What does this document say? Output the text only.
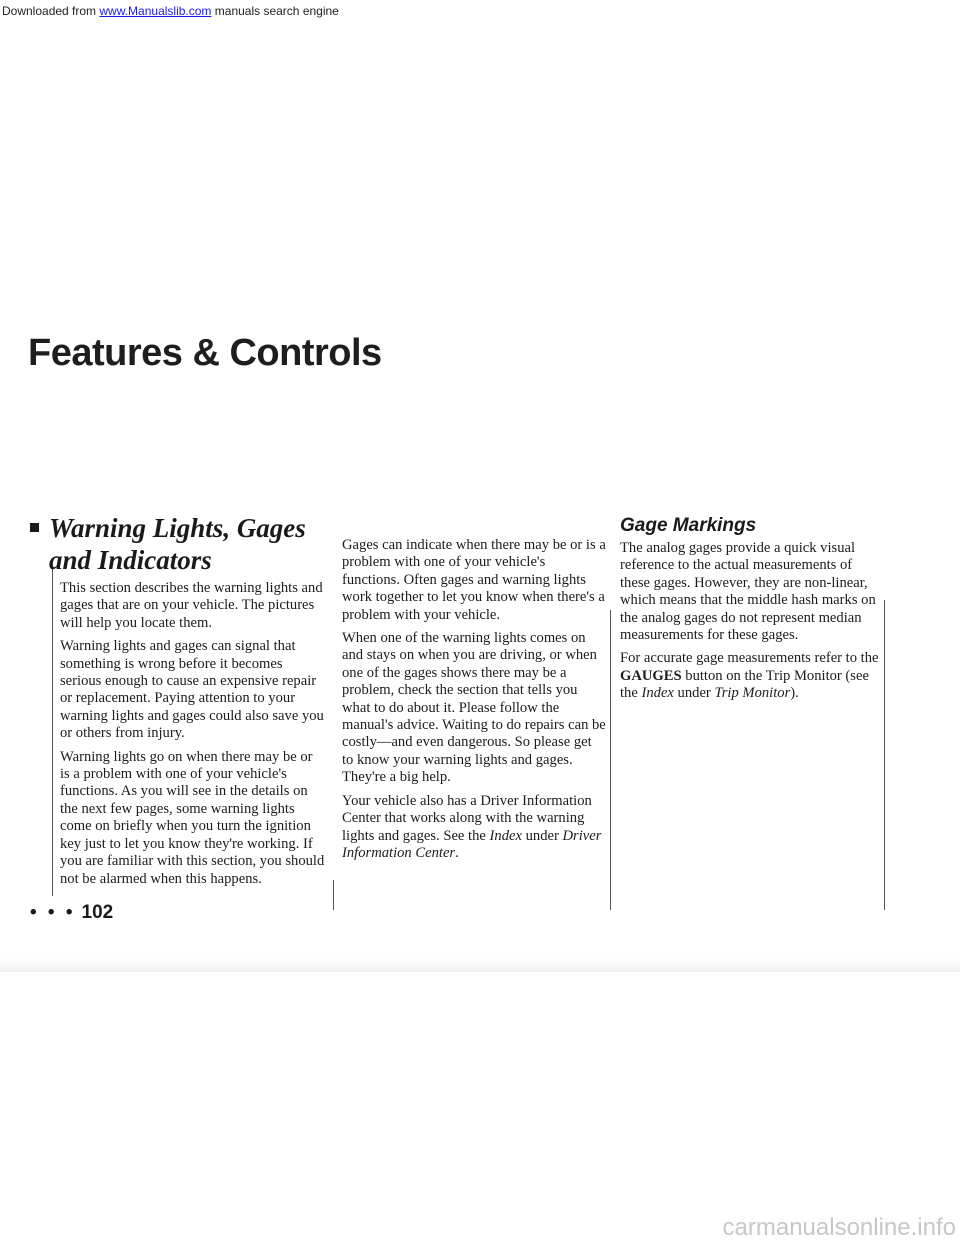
Downloaded from www.Manualslib.com manuals search engine
Features & Controls
Warning Lights, Gages and Indicators

This section describes the warning lights and gages that are on your vehicle. The pictures will help you locate them.

Warning lights and gages can signal that something is wrong before it becomes serious enough to cause an expensive repair or replacement. Paying attention to your warning lights and gages could also save you or others from injury.

Warning lights go on when there may be or is a problem with one of your vehicle's functions. As you will see in the details on the next few pages, some warning lights come on briefly when you turn the ignition key just to let you know they're working. If you are familiar with this section, you should not be alarmed when this happens.

Gages can indicate when there may be or is a problem with one of your vehicle's functions. Often gages and warning lights work together to let you know when there's a problem with your vehicle.

When one of the warning lights comes on and stays on when you are driving, or when one of the gages shows there may be a problem, check the section that tells you what to do about it. Please follow the manual's advice. Waiting to do repairs can be costly—and even dangerous. So please get to know your warning lights and gages. They're a big help.

Your vehicle also has a Driver Information Center that works along with the warning lights and gages. See the Index under Driver Information Center.

Gage Markings

The analog gages provide a quick visual reference to the actual measurements of these gages. However, they are non-linear, which means that the middle hash marks on the analog gages do not represent median measurements for these gages.

For accurate gage measurements refer to the GAUGES button on the Trip Monitor (see the Index under Trip Monitor).

• • • 102
carmanualsonline.info
